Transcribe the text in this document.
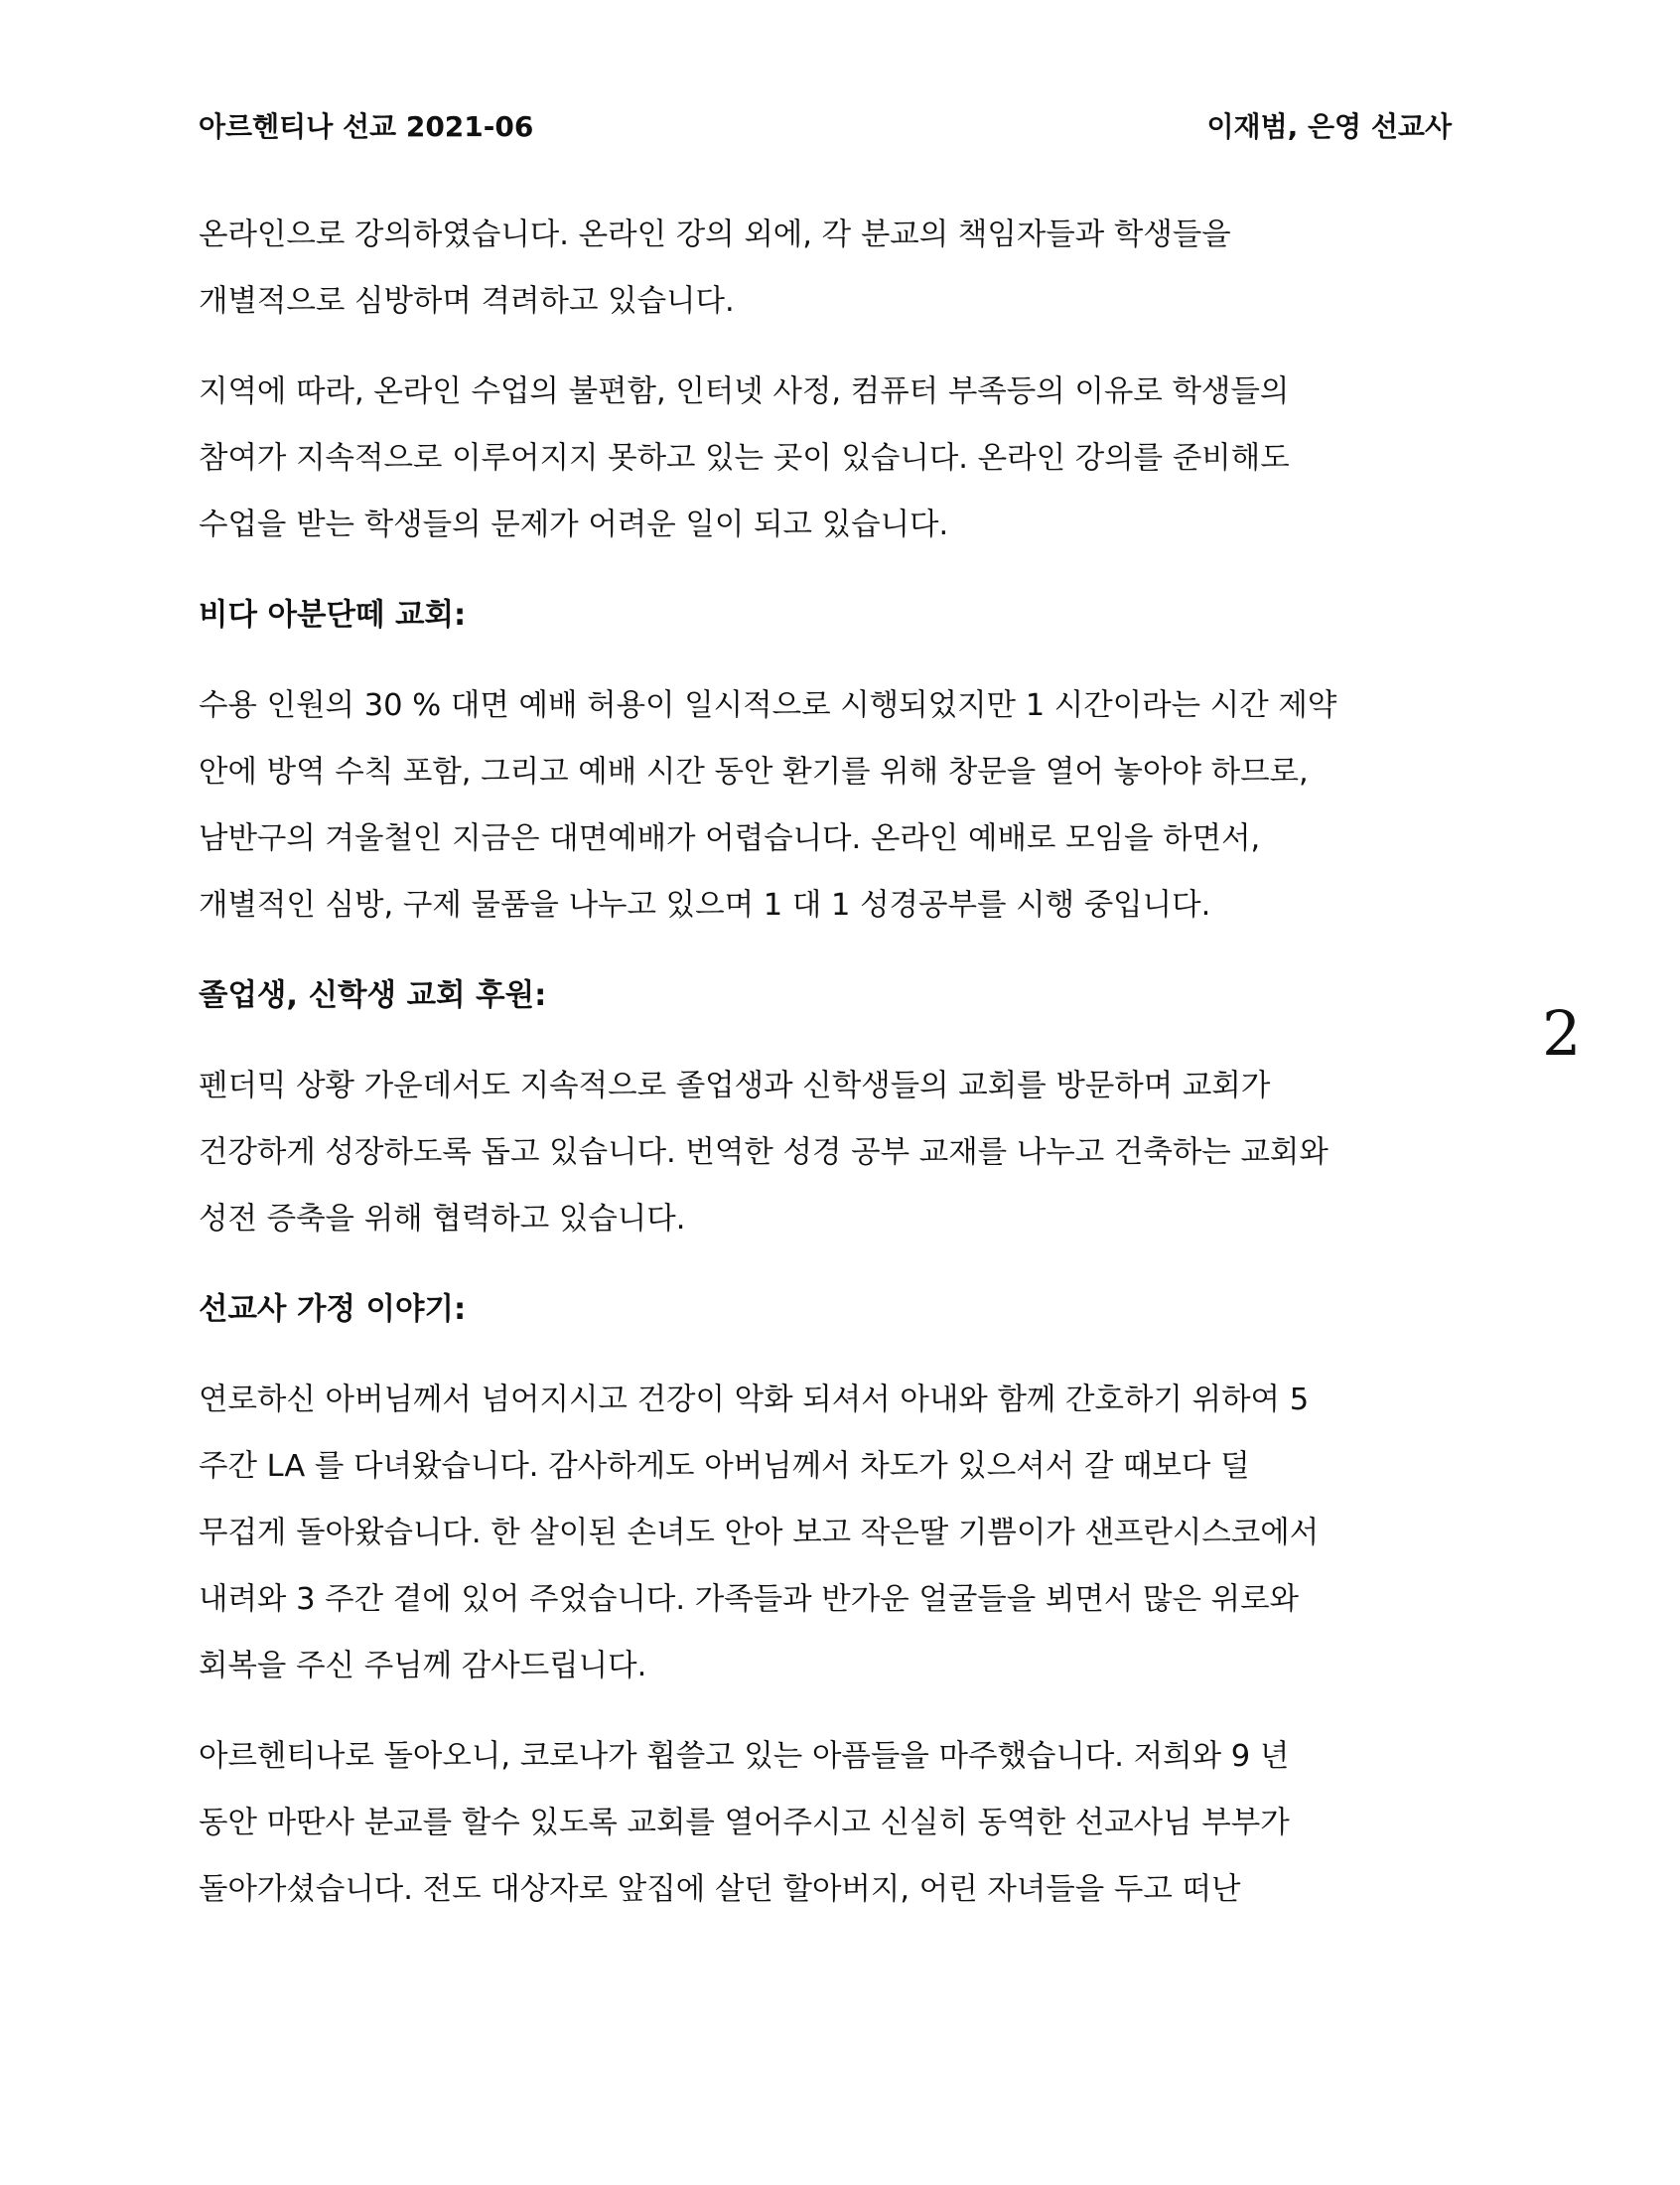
아르헨티나 선교 2021-06	이재범, 은영 선교사
온라인으로 강의하였습니다. 온라인 강의 외에, 각 분교의 책임자들과 학생들을
개별적으로 심방하며 격려하고 있습니다.
지역에 따라, 온라인 수업의 불편함, 인터넷 사정, 컴퓨터 부족등의 이유로 학생들의
참여가 지속적으로 이루어지지 못하고 있는 곳이 있습니다. 온라인 강의를 준비해도
수업을 받는 학생들의 문제가 어려운 일이 되고 있습니다.
비다 아분단떼 교회:
수용 인원의 30 % 대면 예배 허용이 일시적으로 시행되었지만 1 시간이라는 시간 제약
안에 방역 수칙 포함, 그리고 예배 시간 동안 환기를 위해 창문을 열어 놓아야 하므로,
남반구의 겨울철인 지금은 대면예배가 어렵습니다. 온라인 예배로 모임을 하면서,
개별적인 심방, 구제 물품을 나누고 있으며 1 대 1 성경공부를 시행 중입니다.
졸업생, 신학생 교회 후원:
펜더믹 상황 가운데서도 지속적으로 졸업생과 신학생들의 교회를 방문하며 교회가
건강하게 성장하도록 돕고 있습니다. 번역한 성경 공부 교재를 나누고 건축하는 교회와
성전 증축을 위해 협력하고 있습니다.
선교사 가정 이야기:
연로하신 아버님께서 넘어지시고 건강이 악화 되셔서 아내와 함께 간호하기 위하여 5
주간 LA 를 다녀왔습니다. 감사하게도 아버님께서 차도가 있으셔서 갈 때보다 덜
무겁게 돌아왔습니다. 한 살이된 손녀도 안아 보고 작은딸 기쁨이가 샌프란시스코에서
내려와 3 주간 곁에 있어 주었습니다. 가족들과 반가운 얼굴들을 뵈면서 많은 위로와
회복을 주신 주님께 감사드립니다.
아르헨티나로 돌아오니, 코로나가 휩쓸고 있는 아픔들을 마주했습니다. 저희와 9 년
동안 마딴사 분교를 할수 있도록 교회를 열어주시고 신실히 동역한 선교사님 부부가
돌아가셨습니다. 전도 대상자로 앞집에 살던 할아버지, 어린 자녀들을 두고 떠난
2
